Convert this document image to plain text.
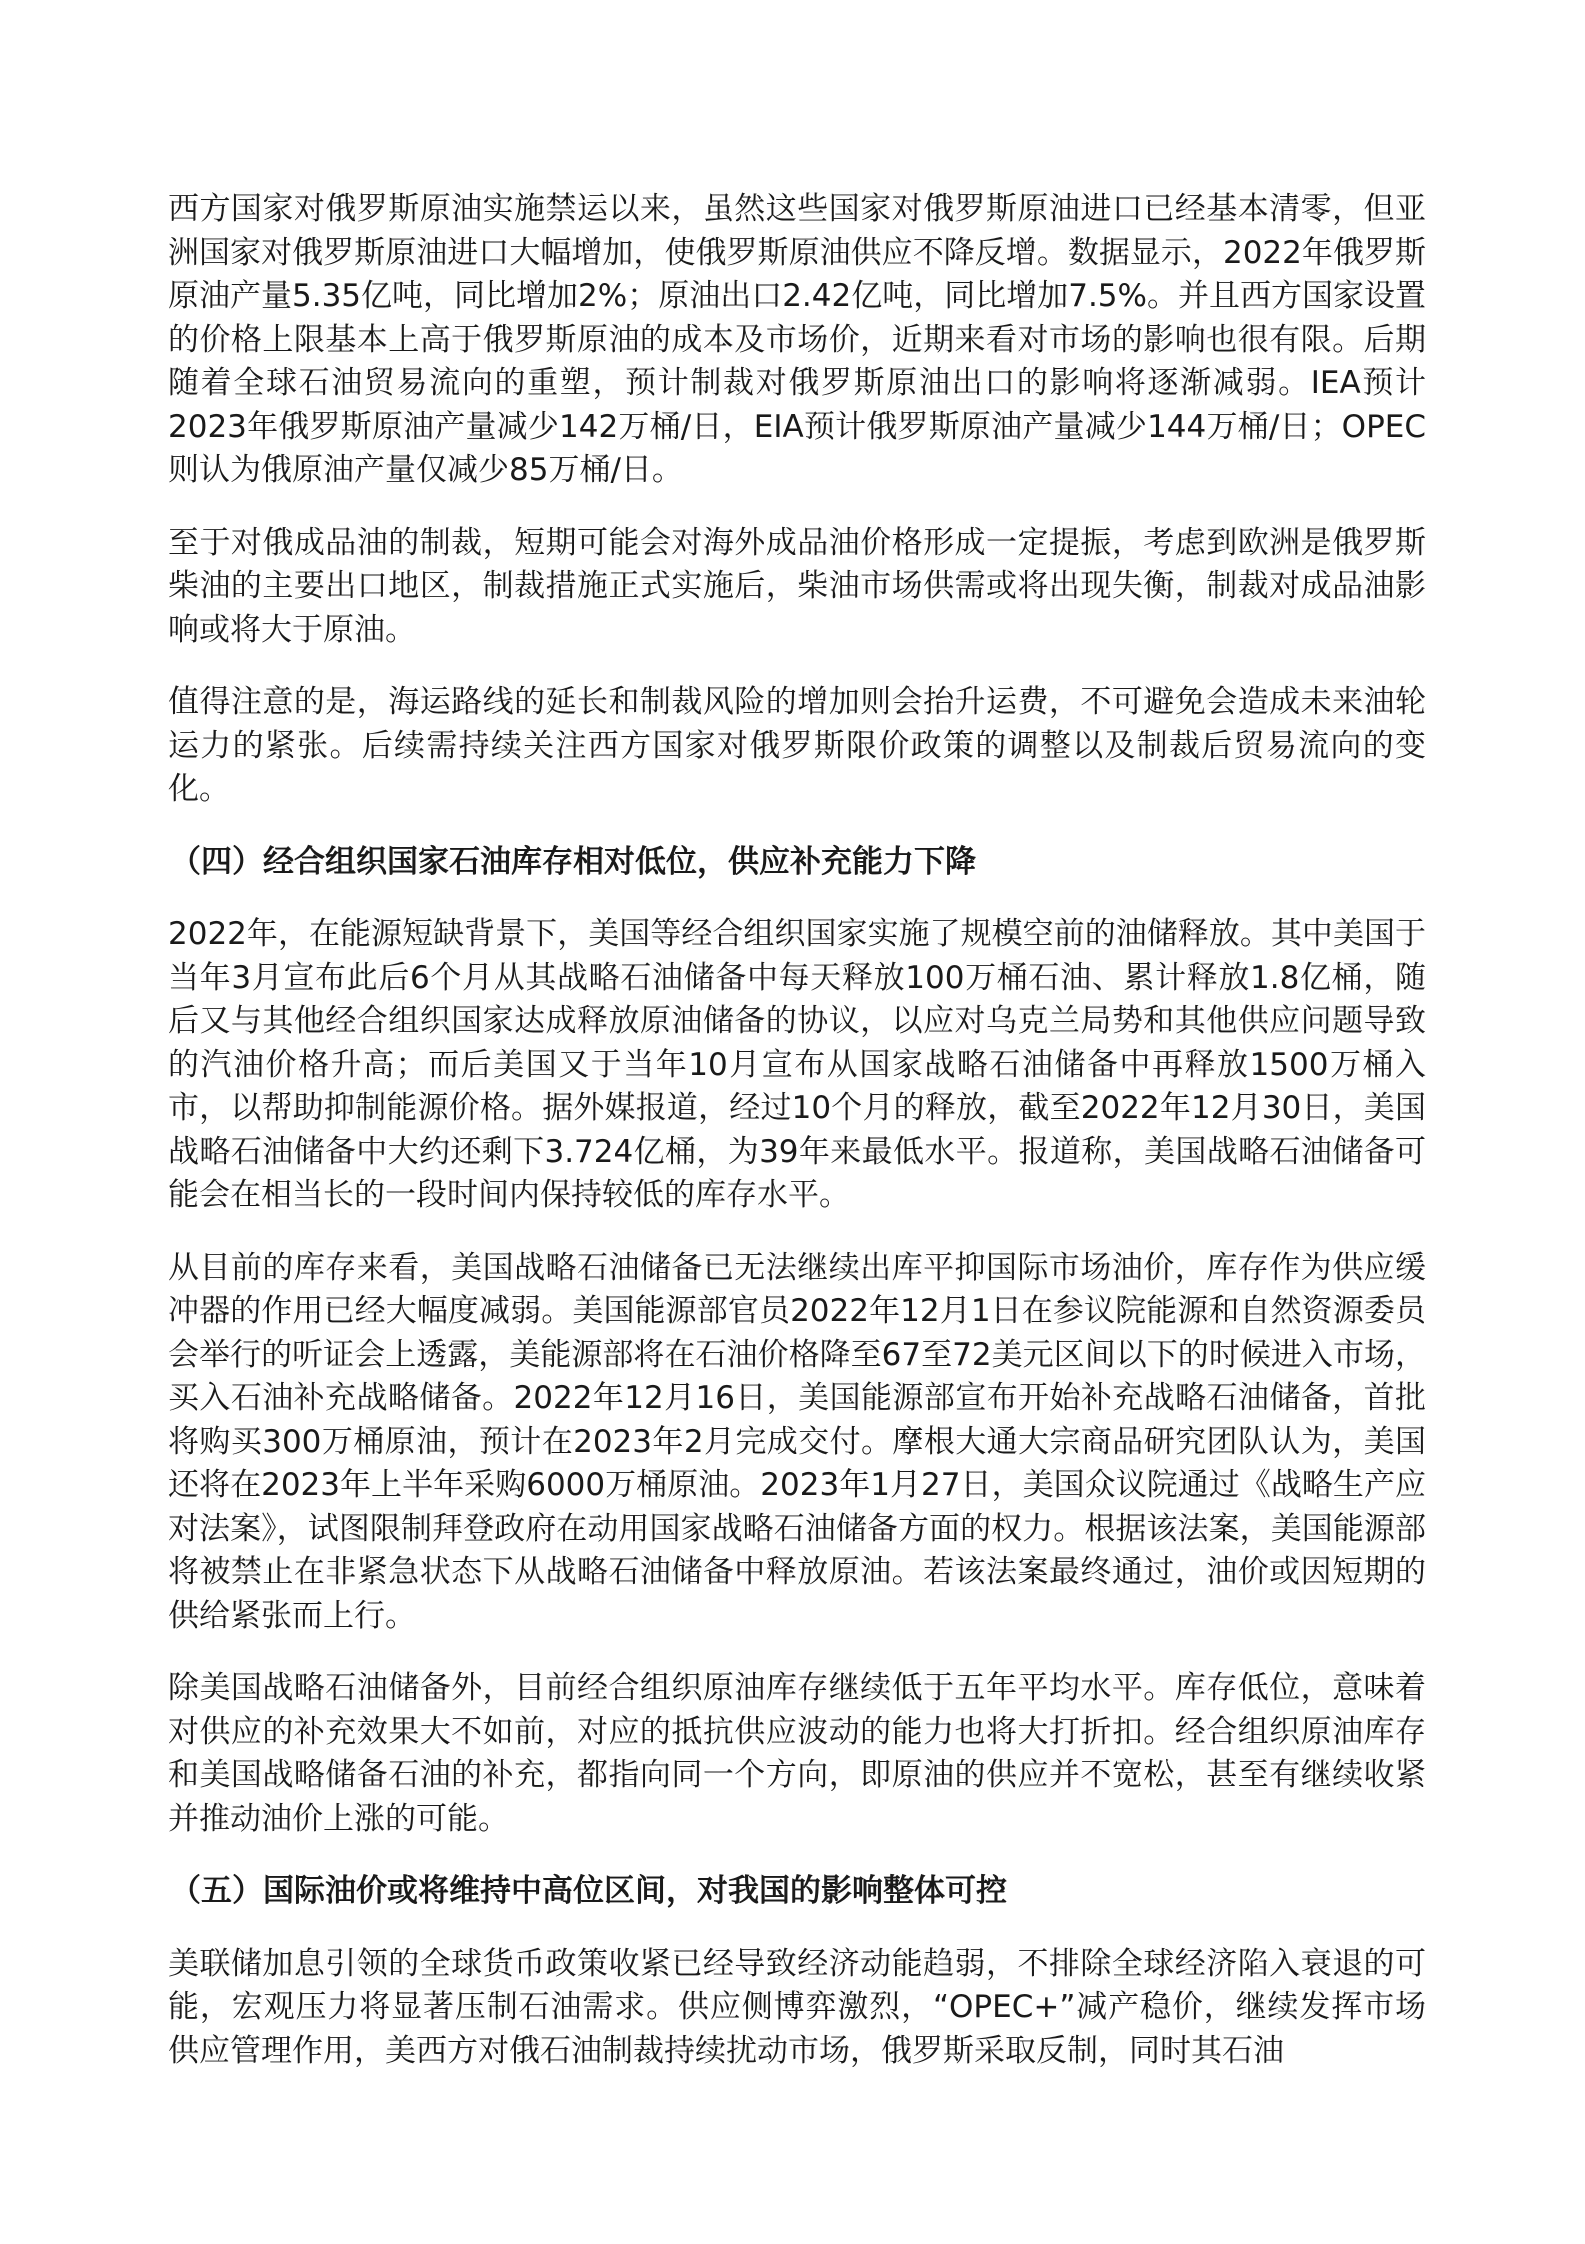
西方国家对俄罗斯原油实施禁运以来，虽然这些国家对俄罗斯原油进口已经基本清零，但亚洲国家对俄罗斯原油进口大幅增加，使俄罗斯原油供应不降反增。数据显示，2022年俄罗斯原油产量5.35亿吨，同比增加2%；原油出口2.42亿吨，同比增加7.5%。并且西方国家设置的价格上限基本上高于俄罗斯原油的成本及市场价，近期来看对市场的影响也很有限。后期随着全球石油贸易流向的重塑，预计制裁对俄罗斯原油出口的影响将逐渐减弱。IEA预计2023年俄罗斯原油产量减少142万桶/日，EIA预计俄罗斯原油产量减少144万桶/日；OPEC则认为俄原油产量仅减少85万桶/日。

至于对俄成品油的制裁，短期可能会对海外成品油价格形成一定提振，考虑到欧洲是俄罗斯柴油的主要出口地区，制裁措施正式实施后，柴油市场供需或将出现失衡，制裁对成品油影响或将大于原油。

值得注意的是，海运路线的延长和制裁风险的增加则会抬升运费，不可避免会造成未来油轮运力的紧张。后续需持续关注西方国家对俄罗斯限价政策的调整以及制裁后贸易流向的变化。

（四）经合组织国家石油库存相对低位，供应补充能力下降

2022年，在能源短缺背景下，美国等经合组织国家实施了规模空前的油储释放。其中美国于当年3月宣布此后6个月从其战略石油储备中每天释放100万桶石油、累计释放1.8亿桶，随后又与其他经合组织国家达成释放原油储备的协议，以应对乌克兰局势和其他供应问题导致的汽油价格升高；而后美国又于当年10月宣布从国家战略石油储备中再释放1500万桶入市，以帮助抑制能源价格。据外媒报道，经过10个月的释放，截至2022年12月30日，美国战略石油储备中大约还剩下3.724亿桶，为39年来最低水平。报道称，美国战略石油储备可能会在相当长的一段时间内保持较低的库存水平。

从目前的库存来看，美国战略石油储备已无法继续出库平抑国际市场油价，库存作为供应缓冲器的作用已经大幅度减弱。美国能源部官员2022年12月1日在参议院能源和自然资源委员会举行的听证会上透露，美能源部将在石油价格降至67至72美元区间以下的时候进入市场，买入石油补充战略储备。2022年12月16日，美国能源部宣布开始补充战略石油储备，首批将购买300万桶原油，预计在2023年2月完成交付。摩根大通大宗商品研究团队认为，美国还将在2023年上半年采购6000万桶原油。2023年1月27日，美国众议院通过《战略生产应对法案》，试图限制拜登政府在动用国家战略石油储备方面的权力。根据该法案，美国能源部将被禁止在非紧急状态下从战略石油储备中释放原油。若该法案最终通过，油价或因短期的供给紧张而上行。

除美国战略石油储备外，目前经合组织原油库存继续低于五年平均水平。库存低位，意味着对供应的补充效果大不如前，对应的抵抗供应波动的能力也将大打折扣。经合组织原油库存和美国战略储备石油的补充，都指向同一个方向，即原油的供应并不宽松，甚至有继续收紧并推动油价上涨的可能。

（五）国际油价或将维持中高位区间，对我国的影响整体可控

美联储加息引领的全球货币政策收紧已经导致经济动能趋弱，不排除全球经济陷入衰退的可能，宏观压力将显著压制石油需求。供应侧博弈激烈，“OPEC+”减产稳价，继续发挥市场供应管理作用，美西方对俄石油制裁持续扰动市场，俄罗斯采取反制，同时其石油
